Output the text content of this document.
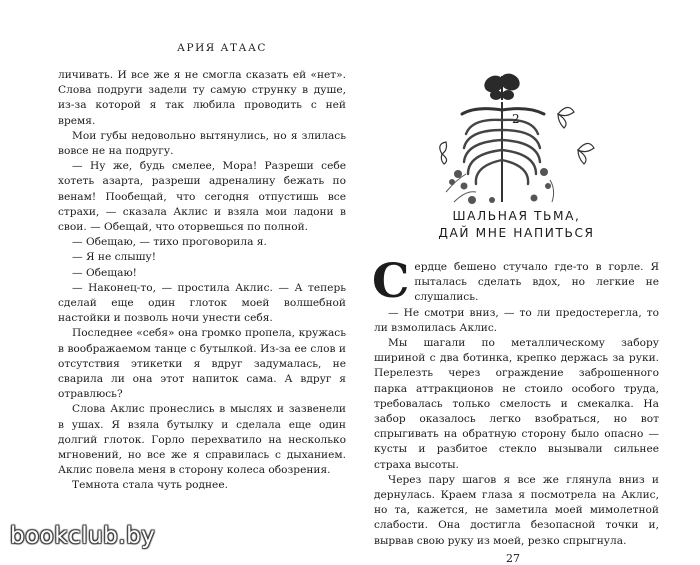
АРИЯ АТААС

личивать. И все же я не смогла сказать ей «нет». Слова подруги задели ту самую струнку в душе, из-за которой я так любила проводить с ней время.

Мои губы недовольно вытянулись, но я злилась вовсе не на подругу.

— Ну же, будь смелее, Мора! Разреши себе хотеть азарта, разреши адреналину бежать по венам! Пообещай, что сегодня отпустишь все страхи, — сказала Аклис и взяла мои ладони в свои. — Обещай, что оторвешься по полной.

— Обещаю, — тихо проговорила я.

— Я не слышу!

— Обещаю!

— Наконец-то, — простила Аклис. — А теперь сделай еще один глоток моей волшебной настойки и позволь ночи унести себя.

Последнее «себя» она громко пропела, кружась в воображаемом танце с бутылкой. Из-за ее слов и отсутствия этикетки я вдруг задумалась, не сварила ли она этот напиток сама. А вдруг я отравлюсь?

Слова Аклис пронеслись в мыслях и зазвенели в ушах. Я взяла бутылку и сделала еще один долгий глоток. Горло перехватило на несколько мгновений, но все же я справилась с дыханием. Аклис повела меня в сторону колеса обозрения.

Темнота стала чуть роднее.

2
ШАЛЬНАЯ ТЬМА,
ДАЙ МНЕ НАПИТЬСЯ

Сердце бешено стучало где-то в горле. Я пыталась сделать вдох, но легкие не слушались.

— Не смотри вниз, — то ли предостерегла, то ли взмолилась Аклис.

Мы шагали по металлическому забору шириной с два ботинка, крепко держась за руки. Перелезть через ограждение заброшенного парка аттракционов не стоило особого труда, требовалась только смелость и смекалка. На забор оказалось легко взобраться, но вот спрыгивать на обратную сторону было опасно — кусты и разбитое стекло вызывали сильнее страха высоты.

Через пару шагов я все же глянула вниз и дернулась. Краем глаза я посмотрела на Аклис, но та, кажется, не заметила моей мимолетной слабости. Она достигла безопасной точки и, вырвав свою руку из моей, резко спрыгнула.

27
bookclub.by
